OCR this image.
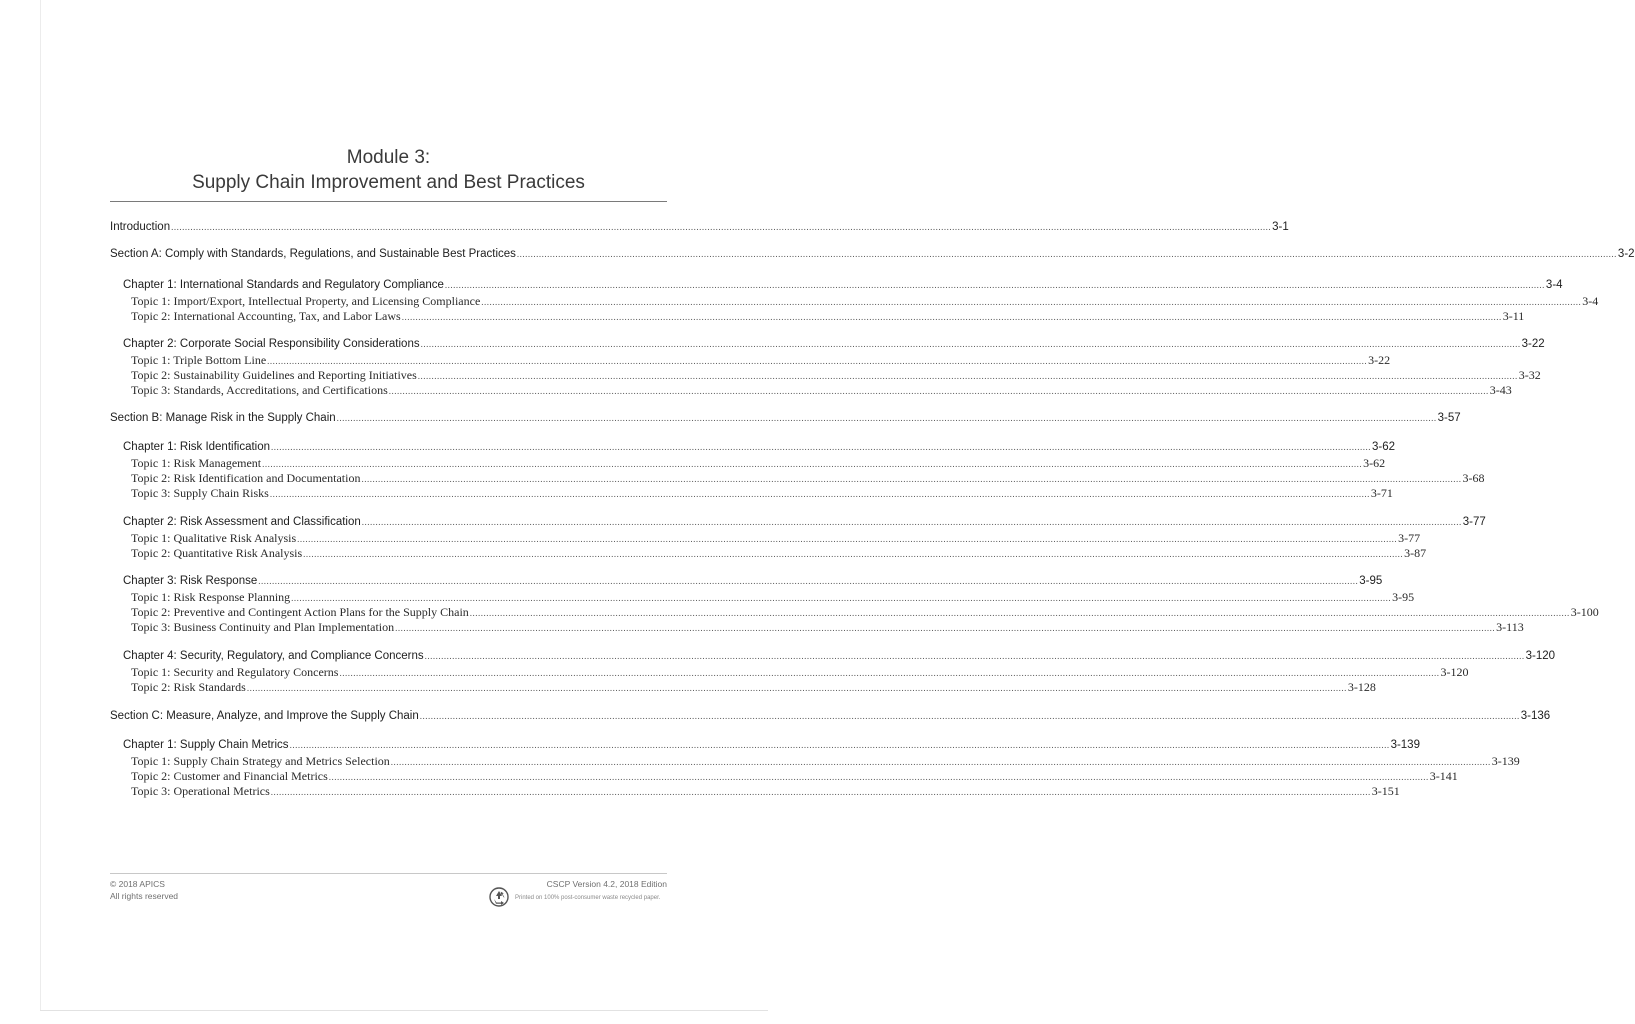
Module 3:
Supply Chain Improvement and Best Practices
Introduction ................................................................................................................................................................................................................................................................................................................................................................................................................ 3-1
Section A: Comply with Standards, Regulations, and Sustainable Best Practices ................................................................................................................................................................................................................................................................................................................................................................................................................ 3-2
Chapter 1: International Standards and Regulatory Compliance ................................................................................................................................................................................................................................................................................................................................................................................................................ 3-4
Topic 1: Import/Export, Intellectual Property, and Licensing Compliance ................................................................................................................................................................................................................................................................................................................................................................................................................ 3-4
Topic 2: International Accounting, Tax, and Labor Laws ................................................................................................................................................................................................................................................................................................................................................................................................................ 3-11
Chapter 2: Corporate Social Responsibility Considerations ................................................................................................................................................................................................................................................................................................................................................................................................................ 3-22
Topic 1: Triple Bottom Line ................................................................................................................................................................................................................................................................................................................................................................................................................ 3-22
Topic 2: Sustainability Guidelines and Reporting Initiatives ................................................................................................................................................................................................................................................................................................................................................................................................................ 3-32
Topic 3: Standards, Accreditations, and Certifications ................................................................................................................................................................................................................................................................................................................................................................................................................ 3-43
Section B: Manage Risk in the Supply Chain ................................................................................................................................................................................................................................................................................................................................................................................................................ 3-57
Chapter 1: Risk Identification ................................................................................................................................................................................................................................................................................................................................................................................................................ 3-62
Topic 1: Risk Management ................................................................................................................................................................................................................................................................................................................................................................................................................ 3-62
Topic 2: Risk Identification and Documentation ................................................................................................................................................................................................................................................................................................................................................................................................................ 3-68
Topic 3: Supply Chain Risks ................................................................................................................................................................................................................................................................................................................................................................................................................ 3-71
Chapter 2: Risk Assessment and Classification ................................................................................................................................................................................................................................................................................................................................................................................................................ 3-77
Topic 1: Qualitative Risk Analysis ................................................................................................................................................................................................................................................................................................................................................................................................................ 3-77
Topic 2: Quantitative Risk Analysis ................................................................................................................................................................................................................................................................................................................................................................................................................ 3-87
Chapter 3: Risk Response ................................................................................................................................................................................................................................................................................................................................................................................................................ 3-95
Topic 1: Risk Response Planning ................................................................................................................................................................................................................................................................................................................................................................................................................ 3-95
Topic 2: Preventive and Contingent Action Plans for the Supply Chain ................................................................................................................................................................................................................................................................................................................................................................................................................ 3-100
Topic 3: Business Continuity and Plan Implementation ................................................................................................................................................................................................................................................................................................................................................................................................................ 3-113
Chapter 4: Security, Regulatory, and Compliance Concerns ................................................................................................................................................................................................................................................................................................................................................................................................................ 3-120
Topic 1: Security and Regulatory Concerns ................................................................................................................................................................................................................................................................................................................................................................................................................ 3-120
Topic 2: Risk Standards ................................................................................................................................................................................................................................................................................................................................................................................................................ 3-128
Section C: Measure, Analyze, and Improve the Supply Chain ................................................................................................................................................................................................................................................................................................................................................................................................................ 3-136
Chapter 1: Supply Chain Metrics ................................................................................................................................................................................................................................................................................................................................................................................................................ 3-139
Topic 1: Supply Chain Strategy and Metrics Selection ................................................................................................................................................................................................................................................................................................................................................................................................................ 3-139
Topic 2: Customer and Financial Metrics ................................................................................................................................................................................................................................................................................................................................................................................................................ 3-141
Topic 3: Operational Metrics ................................................................................................................................................................................................................................................................................................................................................................................................................ 3-151
© 2018 APICS
All rights reserved
CSCP Version 4.2, 2018 Edition
Printed on 100% post-consumer waste recycled paper.
